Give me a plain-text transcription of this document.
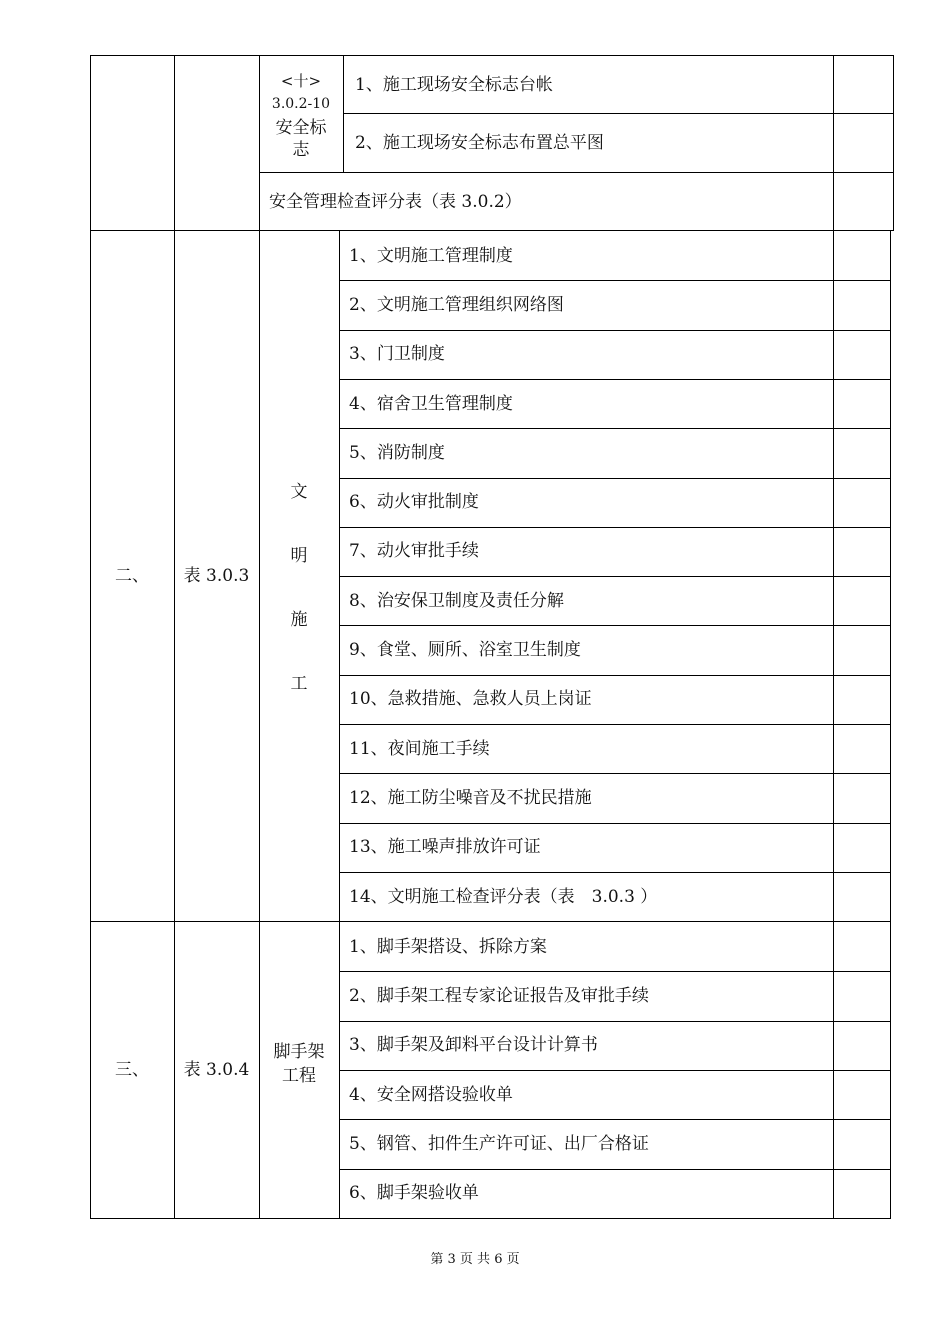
<十>
3.0.2-10
安全标
志
1、施工现场安全标志台帐
2、施工现场安全标志布置总平图
安全管理检查评分表（表 3.0.2）
二、 表 3.0.3
文
明
施
工
1、文明施工管理制度
2、文明施工管理组织网络图
3、门卫制度
4、宿舍卫生管理制度
5、消防制度
6、动火审批制度
7、动火审批手续
8、治安保卫制度及责任分解
9、食堂、厕所、浴室卫生制度
10、急救措施、急救人员上岗证
11、夜间施工手续
12、施工防尘噪音及不扰民措施
13、施工噪声排放许可证
14、文明施工检查评分表（表　3.0.3 ）
三、 表 3.0.4
脚手架
工程
1、脚手架搭设、拆除方案
2、脚手架工程专家论证报告及审批手续
3、脚手架及卸料平台设计计算书
4、安全网搭设验收单
5、钢管、扣件生产许可证、出厂合格证
6、脚手架验收单
第 3 页 共 6 页
